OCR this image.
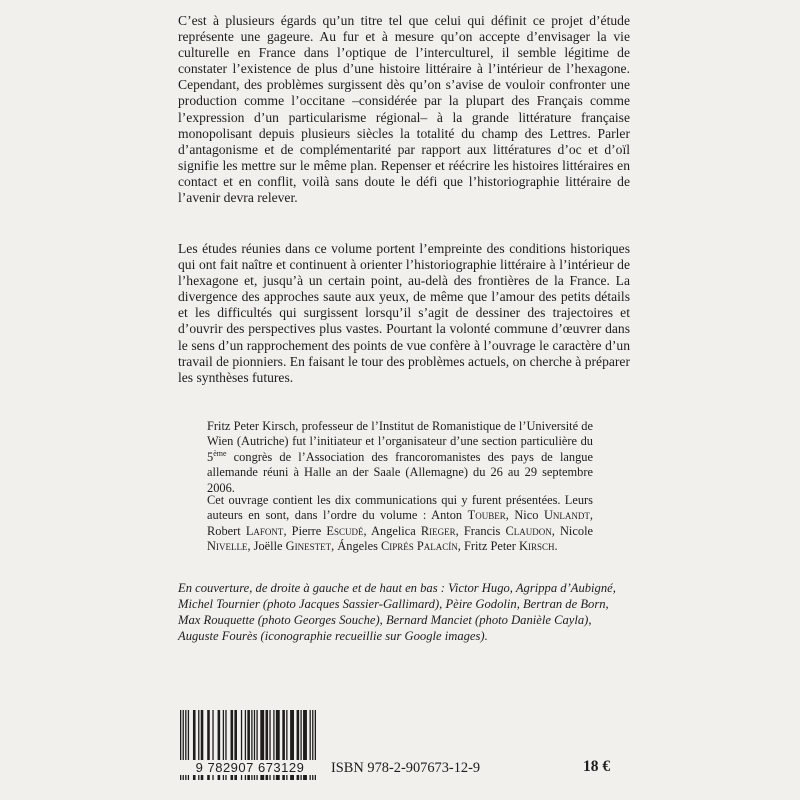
C’est à plusieurs égards qu’un titre tel que celui qui définit ce projet d’étude représente une gageure. Au fur et à mesure qu’on accepte d’envisager la vie culturelle en France dans l’optique de l’interculturel, il semble légitime de constater l’existence de plus d’une histoire littéraire à l’intérieur de l’hexagone. Cependant, des problèmes surgissent dès qu’on s’avise de vouloir confronter une production comme l’occitane –considérée par la plupart des Français comme l’expression d’un particularisme régional– à la grande littérature française monopolisant depuis plusieurs siècles la totalité du champ des Lettres. Parler d’antagonisme et de complémentarité par rapport aux littératures d’oc et d’oïl signifie les mettre sur le même plan. Repenser et réécrire les histoires littéraires en contact et en conflit, voilà sans doute le défi que l’historiographie littéraire de l’avenir devra relever.

Les études réunies dans ce volume portent l’empreinte des conditions historiques qui ont fait naître et continuent à orienter l’historiographie littéraire à l’intérieur de l’hexagone et, jusqu’à un certain point, au-delà des frontières de la France. La divergence des approches saute aux yeux, de même que l’amour des petits détails et les difficultés qui surgissent lorsqu’il s’agit de dessiner des trajectoires et d’ouvrir des perspectives plus vastes. Pourtant la volonté commune d’œuvrer dans le sens d’un rapprochement des points de vue confère à l’ouvrage le caractère d’un travail de pionniers. En faisant le tour des problèmes actuels, on cherche à préparer les synthèses futures.

Fritz Peter Kirsch, professeur de l’Institut de Romanistique de l’Université de Wien (Autriche) fut l’initiateur et l’organisateur d’une section particulière du 5ème congrès de l’Association des francoromanistes des pays de langue allemande réuni à Halle an der Saale (Allemagne) du 26 au 29 septembre 2006.

Cet ouvrage contient les dix communications qui y furent présentées. Leurs auteurs en sont, dans l’ordre du volume : Anton Touber, Nico Unlandt, Robert Lafont, Pierre Escudé, Angelica Rieger, Francis Claudon, Nicole Nivelle, Joëlle Ginestet, Ángeles Ciprés Palacín, Fritz Peter Kirsch.

En couverture, de droite à gauche et de haut en bas : Victor Hugo, Agrippa d’Aubigné, Michel Tournier (photo Jacques Sassier-Gallimard), Pèire Godolin, Bertran de Born, Max Rouquette (photo Georges Souche), Bernard Manciet (photo Danièle Cayla), Auguste Fourès (iconographie recueillie sur Google images).

9 782907 673129	ISBN 978-2-907673-12-9	18 €
